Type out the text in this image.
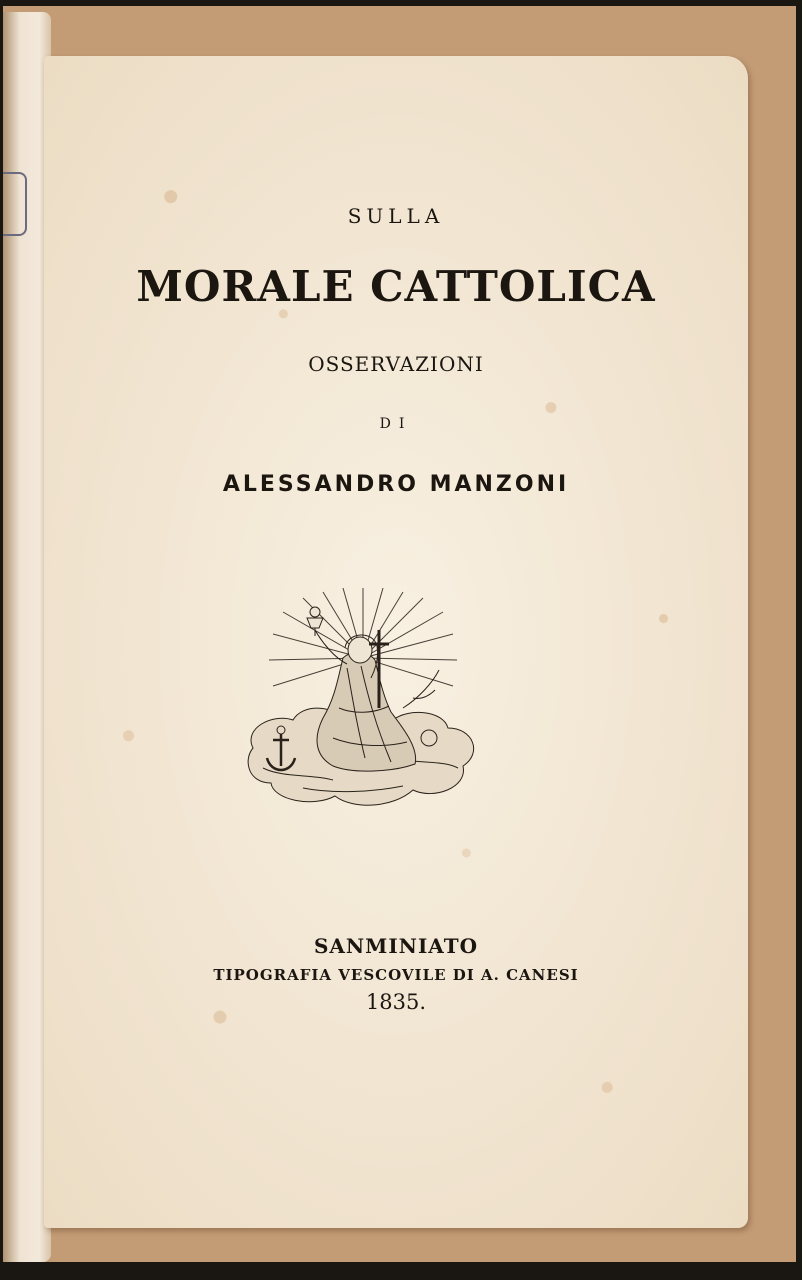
SULLA

MORALE CATTOLICA

OSSERVAZIONI

DI

ALESSANDRO MANZONI

SANMINIATO

TIPOGRAFIA VESCOVILE DI A. CANESI

1835.
